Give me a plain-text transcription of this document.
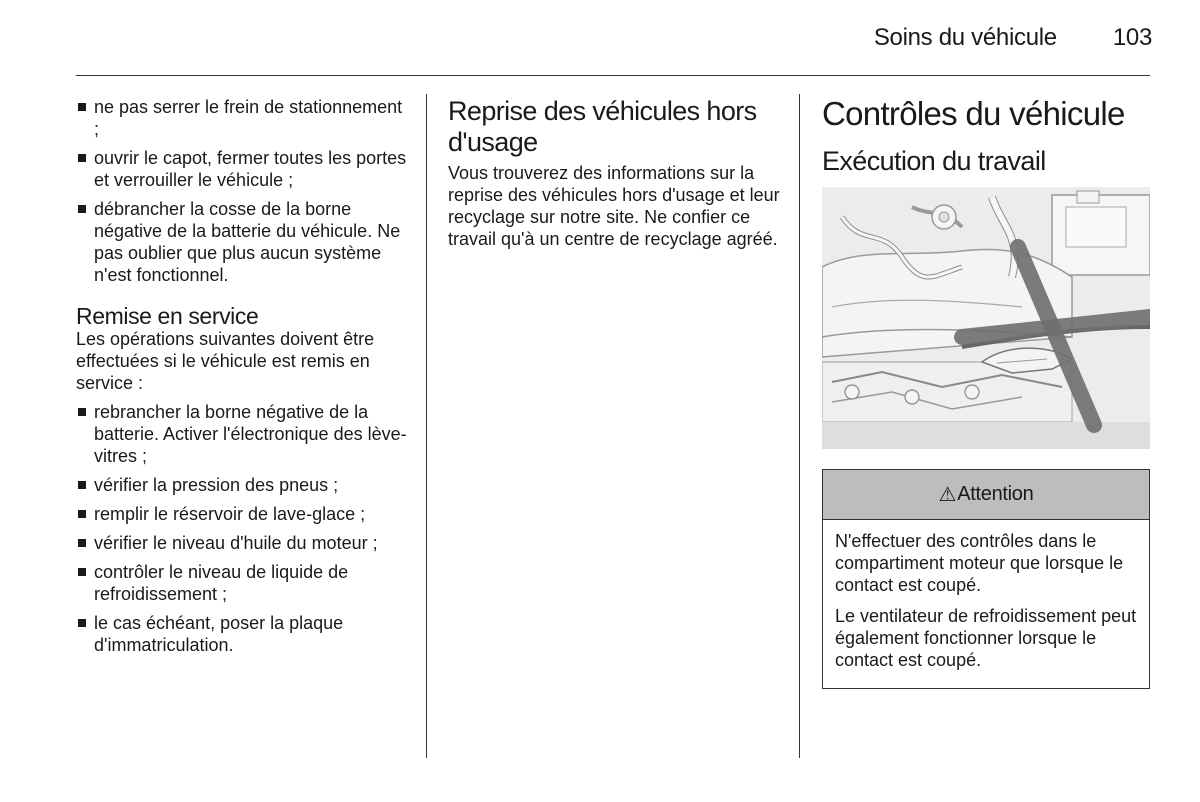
Soins du véhicule 103
ne pas serrer le frein de stationnement ;
ouvrir le capot, fermer toutes les portes et verrouiller le véhicule ;
débrancher la cosse de la borne négative de la batterie du véhicule. Ne pas oublier que plus aucun système n'est fonctionnel.
Remise en service

Les opérations suivantes doivent être effectuées si le véhicule est remis en service :

rebrancher la borne négative de la batterie. Activer l'électronique des lève-vitres ;
vérifier la pression des pneus ;
remplir le réservoir de lave-glace ;
vérifier le niveau d'huile du moteur ;
contrôler le niveau de liquide de refroidissement ;
le cas échéant, poser la plaque d'immatriculation.
Reprise des véhicules hors d'usage

Vous trouverez des informations sur la reprise des véhicules hors d'usage et leur recyclage sur notre site. Ne confier ce travail qu'à un centre de recyclage agréé.

Contrôles du véhicule
Exécution du travail
⚠ Attention

N'effectuer des contrôles dans le compartiment moteur que lorsque le contact est coupé.

Le ventilateur de refroidissement peut également fonctionner lorsque le contact est coupé.
